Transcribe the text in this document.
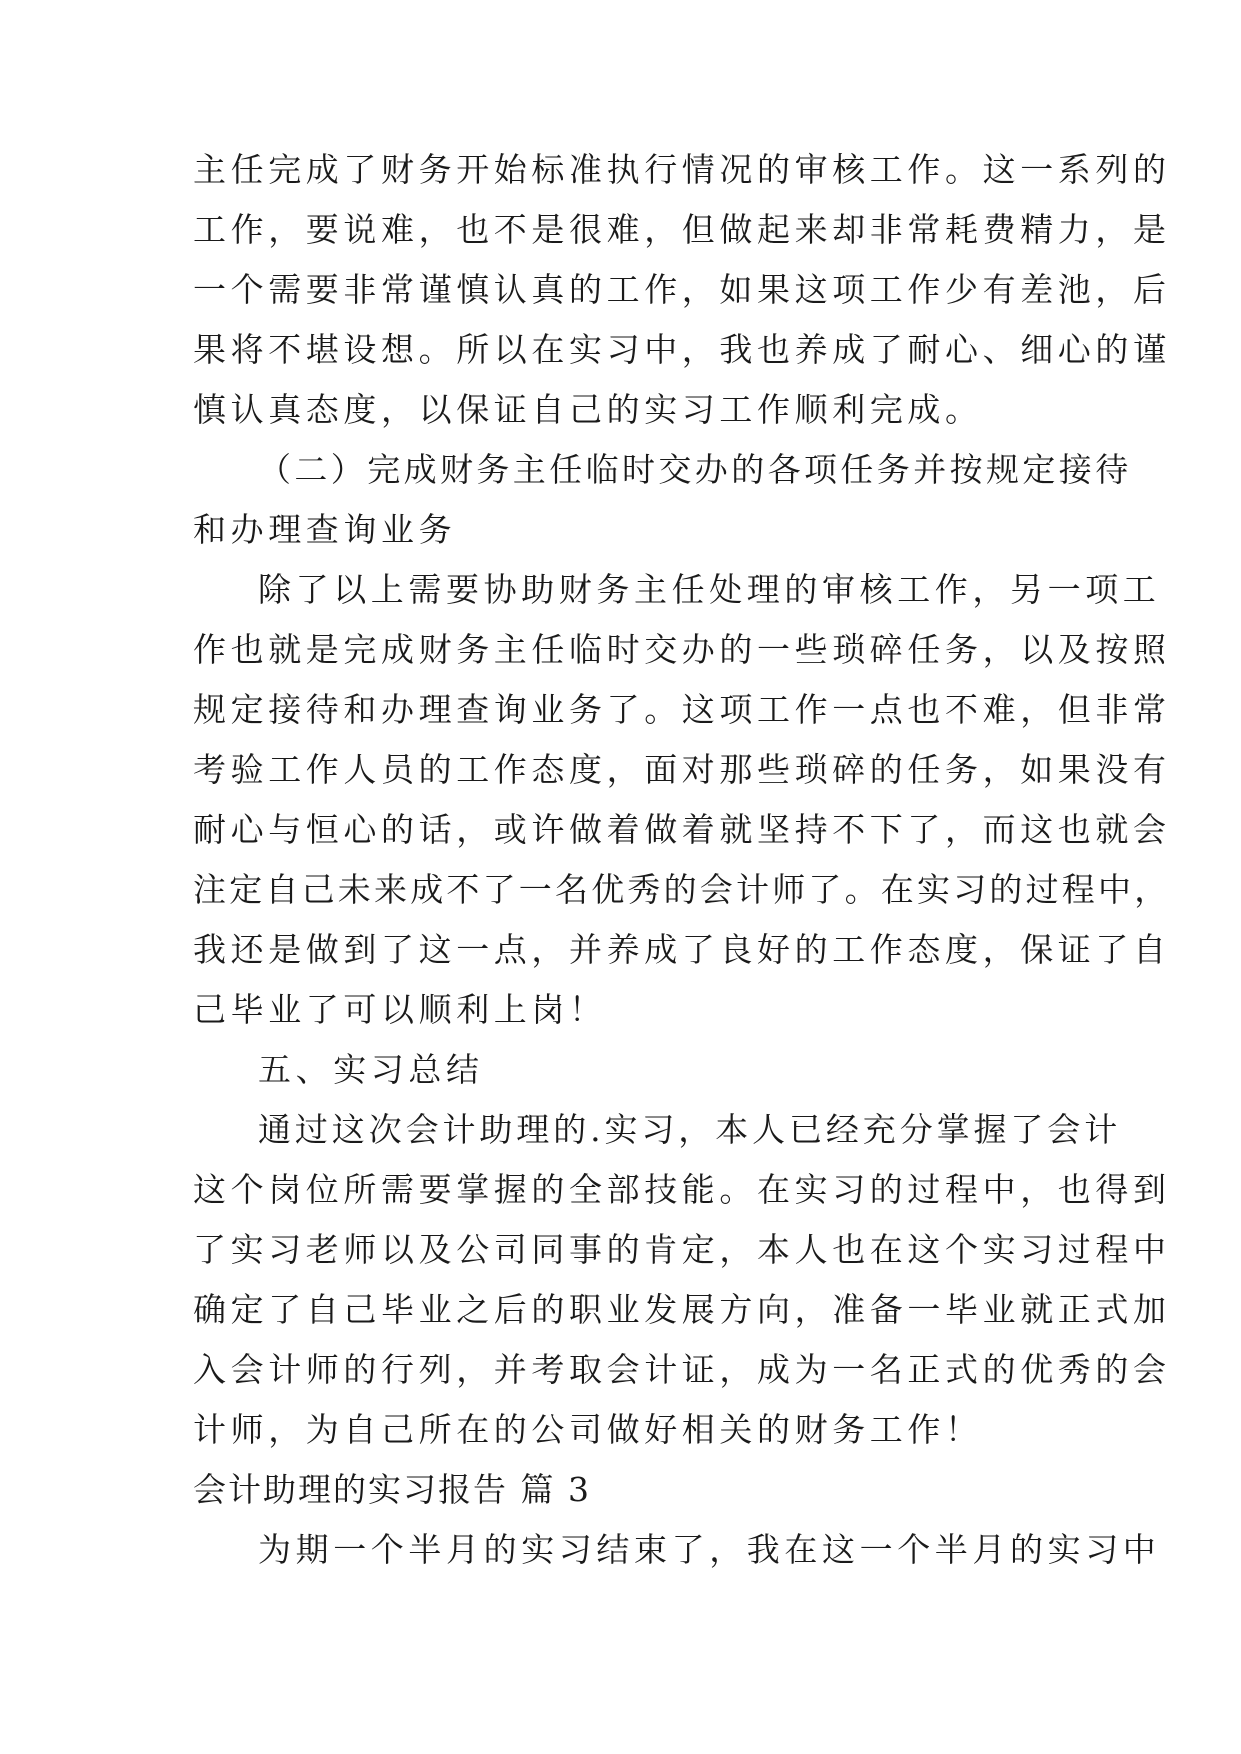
主任完成了财务开始标准执行情况的审核工作。这一系列的
工作，要说难，也不是很难，但做起来却非常耗费精力，是
一个需要非常谨慎认真的工作，如果这项工作少有差池，后
果将不堪设想。所以在实习中，我也养成了耐心、细心的谨
慎认真态度，以保证自己的实习工作顺利完成。
（二）完成财务主任临时交办的各项任务并按规定接待
和办理查询业务
除了以上需要协助财务主任处理的审核工作，另一项工
作也就是完成财务主任临时交办的一些琐碎任务，以及按照
规定接待和办理查询业务了。这项工作一点也不难，但非常
考验工作人员的工作态度，面对那些琐碎的任务，如果没有
耐心与恒心的话，或许做着做着就坚持不下了，而这也就会
注定自己未来成不了一名优秀的会计师了。在实习的过程中，
我还是做到了这一点，并养成了良好的工作态度，保证了自
己毕业了可以顺利上岗！
五、实习总结
通过这次会计助理的.实习，本人已经充分掌握了会计
这个岗位所需要掌握的全部技能。在实习的过程中，也得到
了实习老师以及公司同事的肯定，本人也在这个实习过程中
确定了自己毕业之后的职业发展方向，准备一毕业就正式加
入会计师的行列，并考取会计证，成为一名正式的优秀的会
计师，为自己所在的公司做好相关的财务工作！
会计助理的实习报告 篇 3
为期一个半月的实习结束了，我在这一个半月的实习中
